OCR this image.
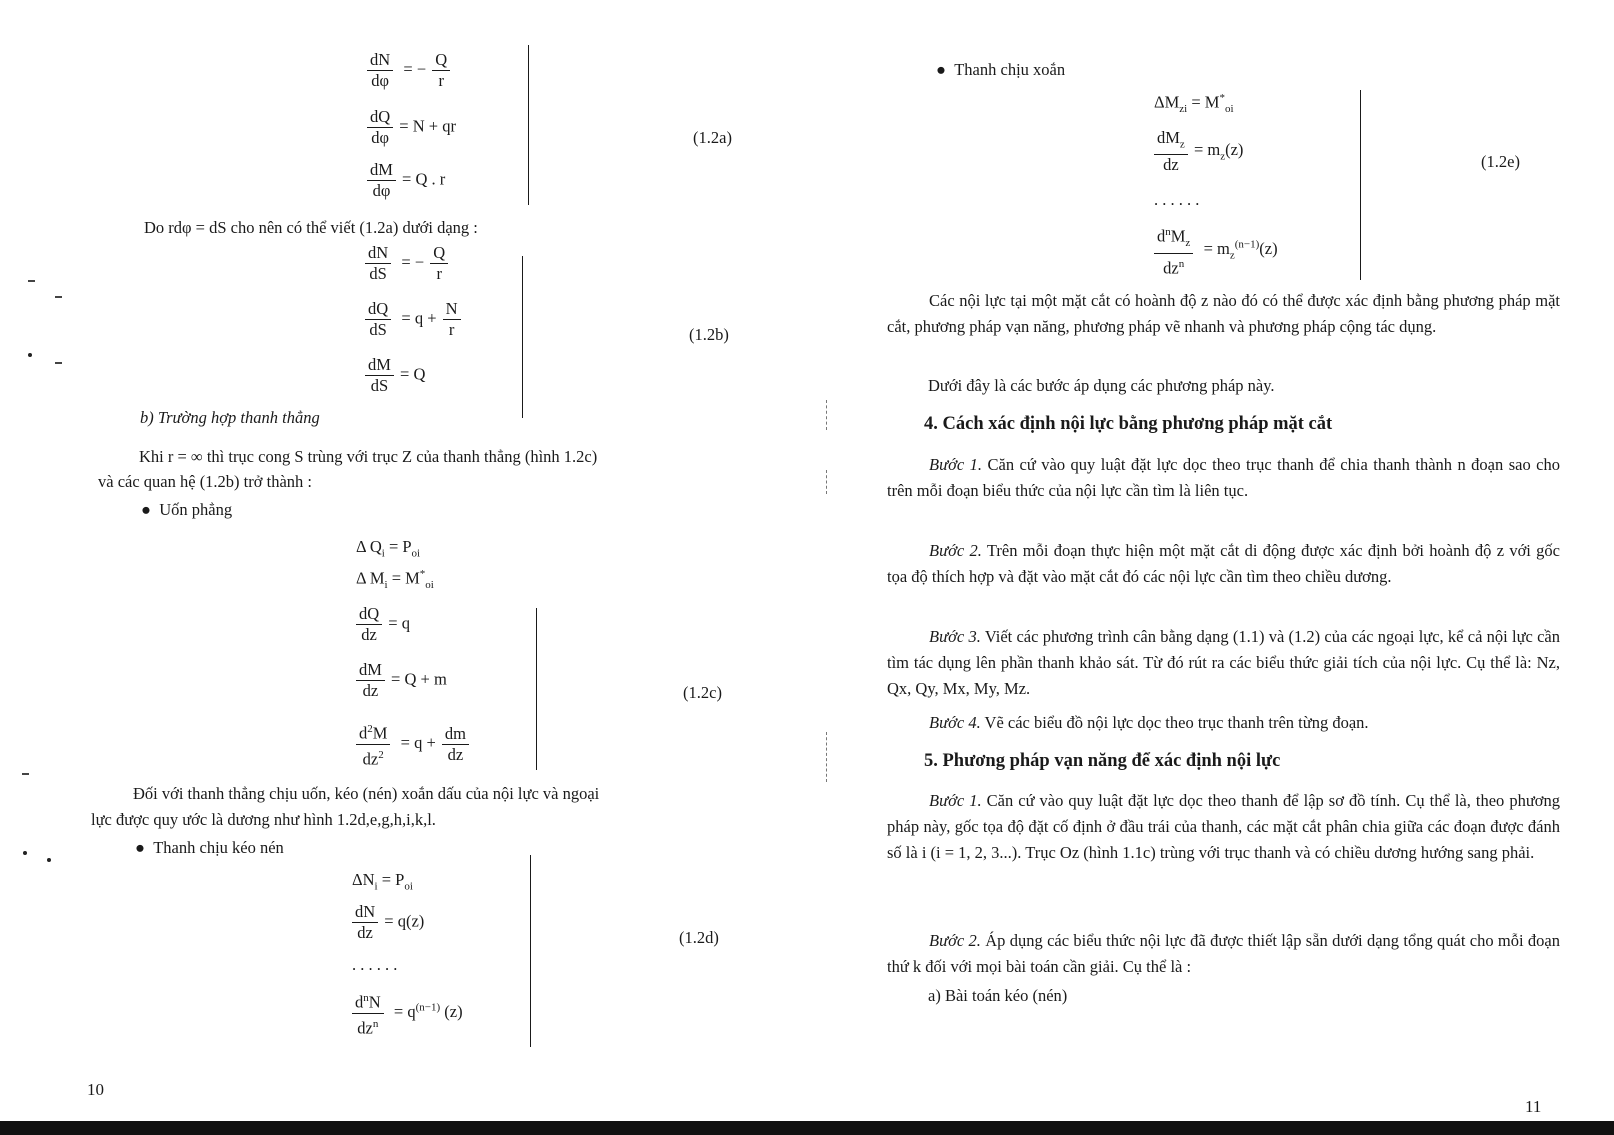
$\frac{dN}{d\varphi}$ = − $\frac{Q}{r}$
$\frac{dQ}{d\varphi} = N$ + qr
$\frac{dM}{d\varphi} = Q$ . r
(1.2a)
Do rdφ = dS cho nên có thể viết (1.2a) dưới dạng :
$\frac{dN}{dS}$ = − $\frac{Q}{r}$
$\frac{dQ}{dS} = q + \frac{N}{r}$
$\frac{dM}{dS} = Q$
(1.2b)
b) Trường hợp thanh thẳng
Khi r = ∞ thì trục cong S trùng với trục Z của thanh thẳng (hình 1.2c)
và các quan hệ (1.2b) trở thành :
● Uốn phẳng
Δ $Q_i = P_{oi}$
Δ $M_i = M^*_{oi}$
$\frac{dQ}{dz} = q$
$\frac{dM}{dz} = Q + m$
$\frac{d^2M}{dz^2} = q + \frac{dm}{dz}$
(1.2c)
Đối với thanh thẳng chịu uốn, kéo (nén) xoắn dấu của nội lực và ngoại
lực được quy ước là dương như hình 1.2d,e,g,h,i,k,l.
● Thanh chịu kéo nén
$\Delta N_i = P_{oi}$
$\frac{dN}{dz} = q(z)$
. . . . . .
$\frac{d^nN}{dz^n} = q^{(n-1)}$ (z)
(1.2d)
10
● Thanh chịu xoắn
$\Delta M_{zi} = M^*_{oi}$
$\frac{dM_z}{dz} = m_z(z)$
. . . . . .
$\frac{d^nM_z}{dz^n} = m_z^{(n-1)}(z)$
(1.2e)
Các nội lực tại một mặt cắt có hoành độ z nào đó có thể được xác định bằng phương pháp mặt cắt, phương pháp vạn năng, phương pháp vẽ nhanh và phương pháp cộng tác dụng.
Dưới đây là các bước áp dụng các phương pháp này.
4. Cách xác định nội lực bằng phương pháp mặt cắt
Bước 1. Căn cứ vào quy luật đặt lực dọc theo trục thanh để chia thanh thành n đoạn sao cho trên mỗi đoạn biểu thức của nội lực cần tìm là liên tục.
Bước 2. Trên mỗi đoạn thực hiện một mặt cắt di động được xác định bởi hoành độ z với gốc tọa độ thích hợp và đặt vào mặt cắt đó các nội lực cần tìm theo chiều dương.
Bước 3. Viết các phương trình cân bằng dạng (1.1) và (1.2) của các ngoại lực, kể cả nội lực cần tìm tác dụng lên phần thanh khảo sát. Từ đó rút ra các biểu thức giải tích của nội lực. Cụ thể là: Nz, Qx, Qy, Mx, My, Mz.
Bước 4. Vẽ các biểu đồ nội lực dọc theo trục thanh trên từng đoạn.
5. Phương pháp vạn năng để xác định nội lực
Bước 1. Căn cứ vào quy luật đặt lực dọc theo thanh để lập sơ đồ tính. Cụ thể là, theo phương pháp này, gốc tọa độ đặt cố định ở đầu trái của thanh, các mặt cắt phân chia giữa các đoạn được đánh số là i (i = 1, 2, 3...). Trục Oz (hình 1.1c) trùng với trục thanh và có chiều dương hướng sang phải.
Bước 2. Áp dụng các biểu thức nội lực đã được thiết lập sẵn dưới dạng tổng quát cho mỗi đoạn thứ k đối với mọi bài toán cần giải. Cụ thể là :
a) Bài toán kéo (nén)
11
